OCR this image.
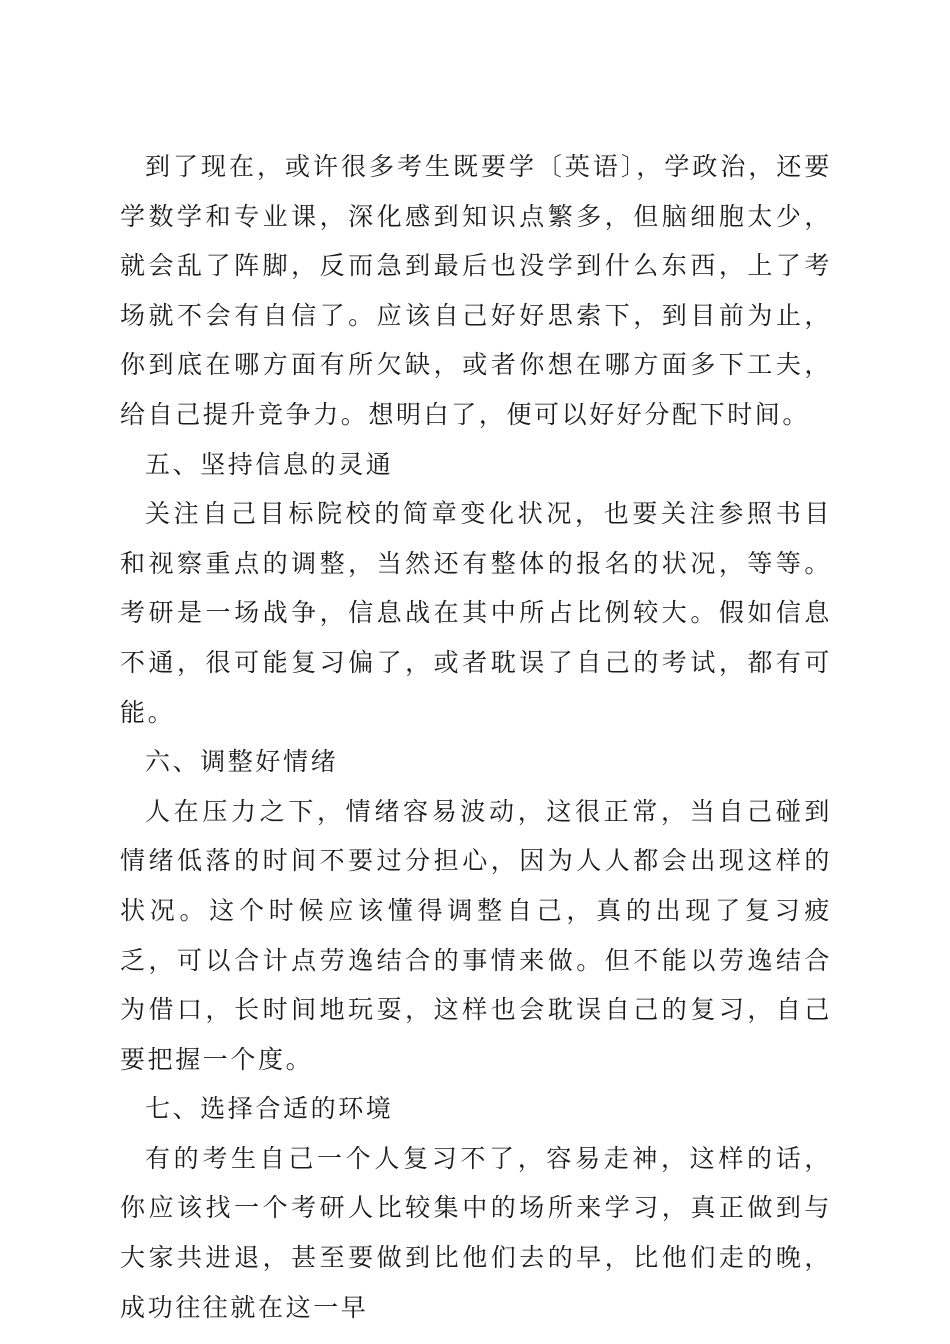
到了现在，或许很多考生既要学〔英语〕，学政治，还要学数学和专业课，深化感到知识点繁多，但脑细胞太少，就会乱了阵脚，反而急到最后也没学到什么东西，上了考场就不会有自信了。应该自己好好思索下，到目前为止，你到底在哪方面有所欠缺，或者你想在哪方面多下工夫，给自己提升竞争力。想明白了，便可以好好分配下时间。

五、坚持信息的灵通

关注自己目标院校的简章变化状况，也要关注参照书目和视察重点的调整，当然还有整体的报名的状况，等等。考研是一场战争，信息战在其中所占比例较大。假如信息不通，很可能复习偏了，或者耽误了自己的考试，都有可能。

六、调整好情绪

人在压力之下，情绪容易波动，这很正常，当自己碰到情绪低落的时间不要过分担心，因为人人都会出现这样的状况。这个时候应该懂得调整自己，真的出现了复习疲乏，可以合计点劳逸结合的事情来做。但不能以劳逸结合为借口，长时间地玩耍，这样也会耽误自己的复习，自己要把握一个度。

七、选择合适的环境

有的考生自己一个人复习不了，容易走神，这样的话，你应该找一个考研人比较集中的场所来学习，真正做到与大家共进退，甚至要做到比他们去的早，比他们走的晚，成功往往就在这一早
